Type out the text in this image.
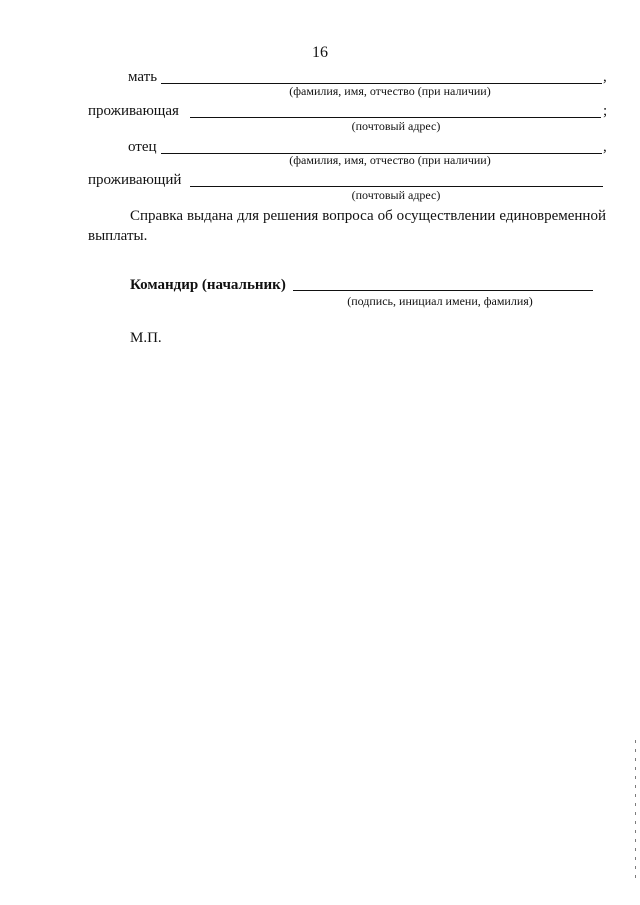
16
мать	,
(фамилия, имя, отчество (при наличии)
проживающая	;
(почтовый адрес)
отец	,
(фамилия, имя, отчество (при наличии)
проживающий
(почтовый адрес)
Справка выдана для решения вопроса об осуществлении единовременной выплаты.
Командир (начальник)
(подпись, инициал имени, фамилия)
М.П.
